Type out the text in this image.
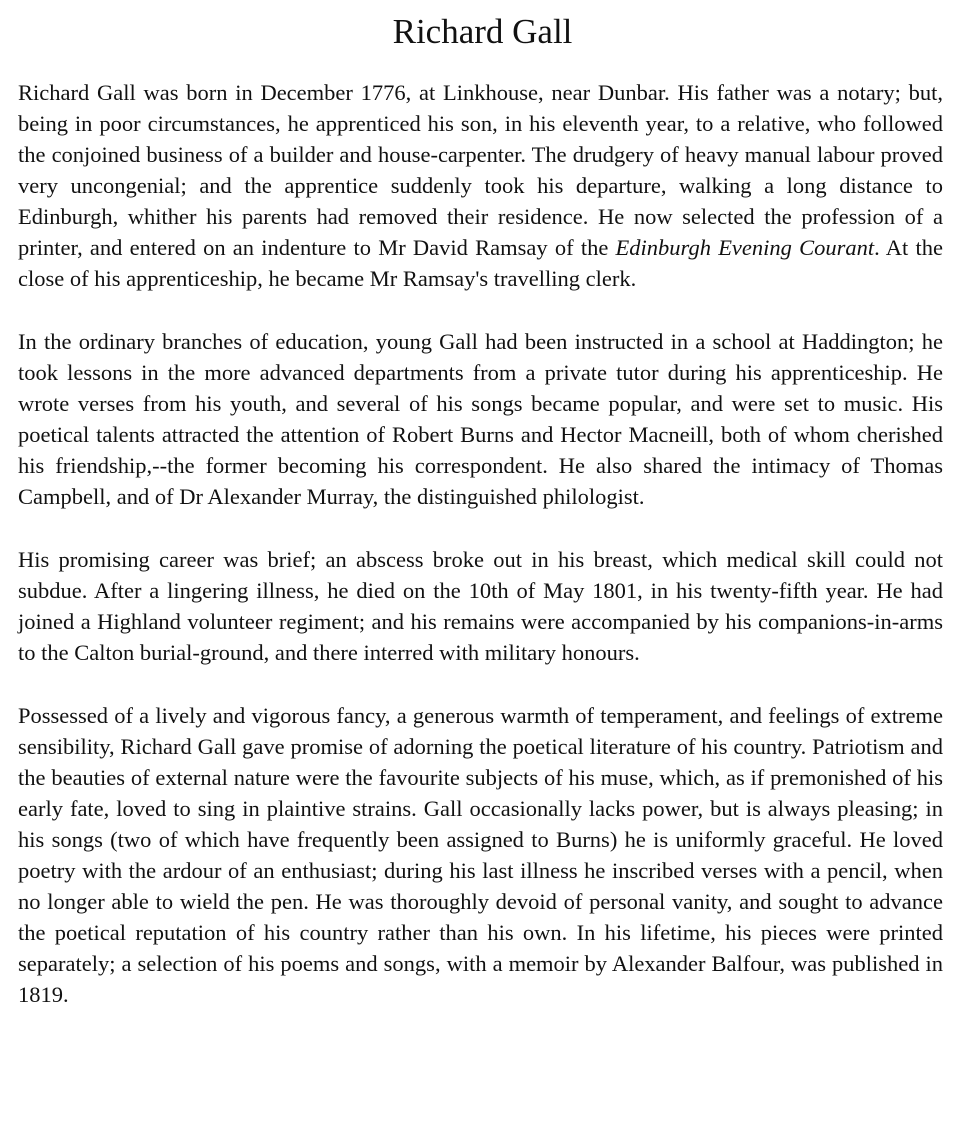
Richard Gall

Richard Gall was born in December 1776, at Linkhouse, near Dunbar. His father was a notary; but, being in poor circumstances, he apprenticed his son, in his eleventh year, to a relative, who followed the conjoined business of a builder and house-carpenter. The drudgery of heavy manual labour proved very uncongenial; and the apprentice suddenly took his departure, walking a long distance to Edinburgh, whither his parents had removed their residence. He now selected the profession of a printer, and entered on an indenture to Mr David Ramsay of the Edinburgh Evening Courant. At the close of his apprenticeship, he became Mr Ramsay's travelling clerk.

In the ordinary branches of education, young Gall had been instructed in a school at Haddington; he took lessons in the more advanced departments from a private tutor during his apprenticeship. He wrote verses from his youth, and several of his songs became popular, and were set to music. His poetical talents attracted the attention of Robert Burns and Hector Macneill, both of whom cherished his friendship,--the former becoming his correspondent. He also shared the intimacy of Thomas Campbell, and of Dr Alexander Murray, the distinguished philologist.

His promising career was brief; an abscess broke out in his breast, which medical skill could not subdue. After a lingering illness, he died on the 10th of May 1801, in his twenty-fifth year. He had joined a Highland volunteer regiment; and his remains were accompanied by his companions-in-arms to the Calton burial-ground, and there interred with military honours.

Possessed of a lively and vigorous fancy, a generous warmth of temperament, and feelings of extreme sensibility, Richard Gall gave promise of adorning the poetical literature of his country. Patriotism and the beauties of external nature were the favourite subjects of his muse, which, as if premonished of his early fate, loved to sing in plaintive strains. Gall occasionally lacks power, but is always pleasing; in his songs (two of which have frequently been assigned to Burns) he is uniformly graceful. He loved poetry with the ardour of an enthusiast; during his last illness he inscribed verses with a pencil, when no longer able to wield the pen. He was thoroughly devoid of personal vanity, and sought to advance the poetical reputation of his country rather than his own. In his lifetime, his pieces were printed separately; a selection of his poems and songs, with a memoir by Alexander Balfour, was published in 1819.
